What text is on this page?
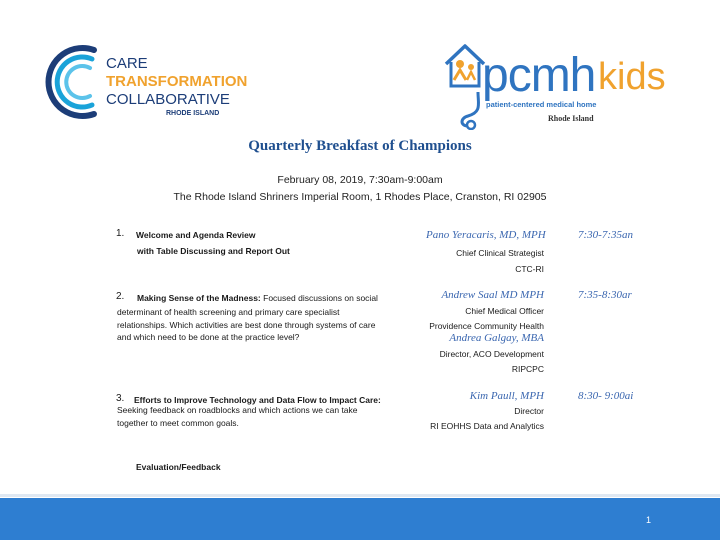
CARE
TRANSFORMATION
COLLABORATIVE
RHODE ISLAND
pcmh kids
patient-centered medical home
Rhode Island
Quarterly Breakfast of Champions
February 08, 2019, 7:30am-9:00am
The Rhode Island Shriners Imperial Room, 1 Rhodes Place, Cranston, RI 02905
1. Welcome and Agenda Review
with Table Discussing and Report Out
Pano Yeracaris, MD, MPH
Chief Clinical Strategist
CTC-RI
7:30-7:35an
2. Making Sense of the Madness: Focused discussions on social
determinant of health screening and primary care specialist
relationships. Which activities are best done through systems of care
and which need to be done at the practice level?
Andrew Saal MD MPH
Chief Medical Officer
Providence Community Health
Andrea Galgay, MBA
Director, ACO Development
RIPCPC
7:35-8:30ar
3. Efforts to Improve Technology and Data Flow to Impact Care:
Seeking feedback on roadblocks and which actions we can take
together to meet common goals.
Kim Paull, MPH
Director
RI EOHHS Data and Analytics
8:30- 9:00ai
Evaluation/Feedback
1
